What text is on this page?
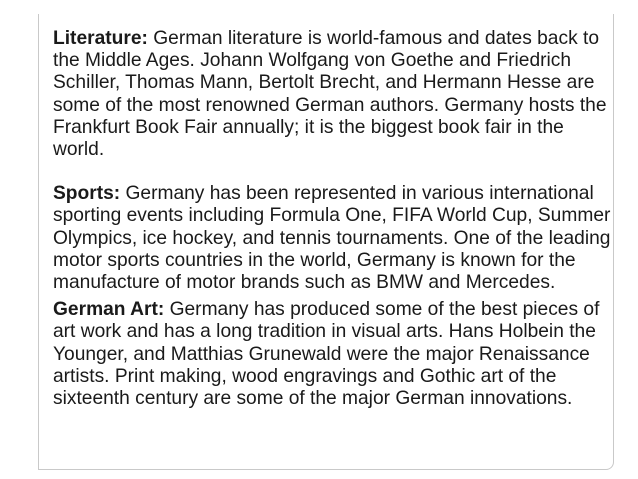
Literature: German literature is world-famous and dates back to the Middle Ages. Johann Wolfgang von Goethe and Friedrich Schiller, Thomas Mann, Bertolt Brecht, and Hermann Hesse are some of the most renowned German authors. Germany hosts the Frankfurt Book Fair annually; it is the biggest book fair in the world.

Sports: Germany has been represented in various international sporting events including Formula One, FIFA World Cup, Summer Olympics, ice hockey, and tennis tournaments. One of the leading motor sports countries in the world, Germany is known for the manufacture of motor brands such as BMW and Mercedes.

German Art: Germany has produced some of the best pieces of art work and has a long tradition in visual arts. Hans Holbein the Younger, and Matthias Grunewald were the major Renaissance artists. Print making, wood engravings and Gothic art of the sixteenth century are some of the major German innovations.
